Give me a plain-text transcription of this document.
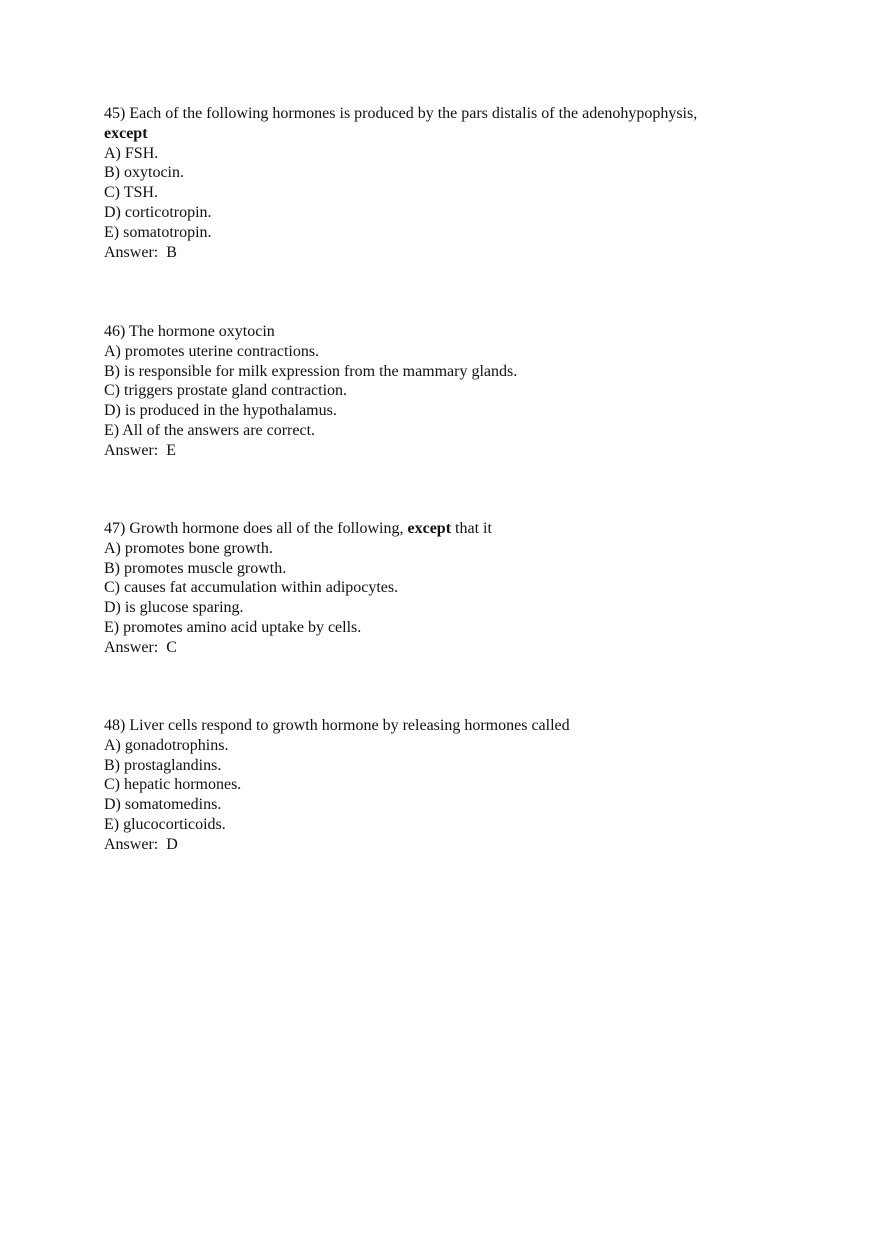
45) Each of the following hormones is produced by the pars distalis of the adenohypophysis,
except
A) FSH.
B) oxytocin.
C) TSH.
D) corticotropin.
E) somatotropin.
Answer: B
46) The hormone oxytocin
A) promotes uterine contractions.
B) is responsible for milk expression from the mammary glands.
C) triggers prostate gland contraction.
D) is produced in the hypothalamus.
E) All of the answers are correct.
Answer: E
47) Growth hormone does all of the following, except that it
A) promotes bone growth.
B) promotes muscle growth.
C) causes fat accumulation within adipocytes.
D) is glucose sparing.
E) promotes amino acid uptake by cells.
Answer: C
48) Liver cells respond to growth hormone by releasing hormones called
A) gonadotrophins.
B) prostaglandins.
C) hepatic hormones.
D) somatomedins.
E) glucocorticoids.
Answer: D
